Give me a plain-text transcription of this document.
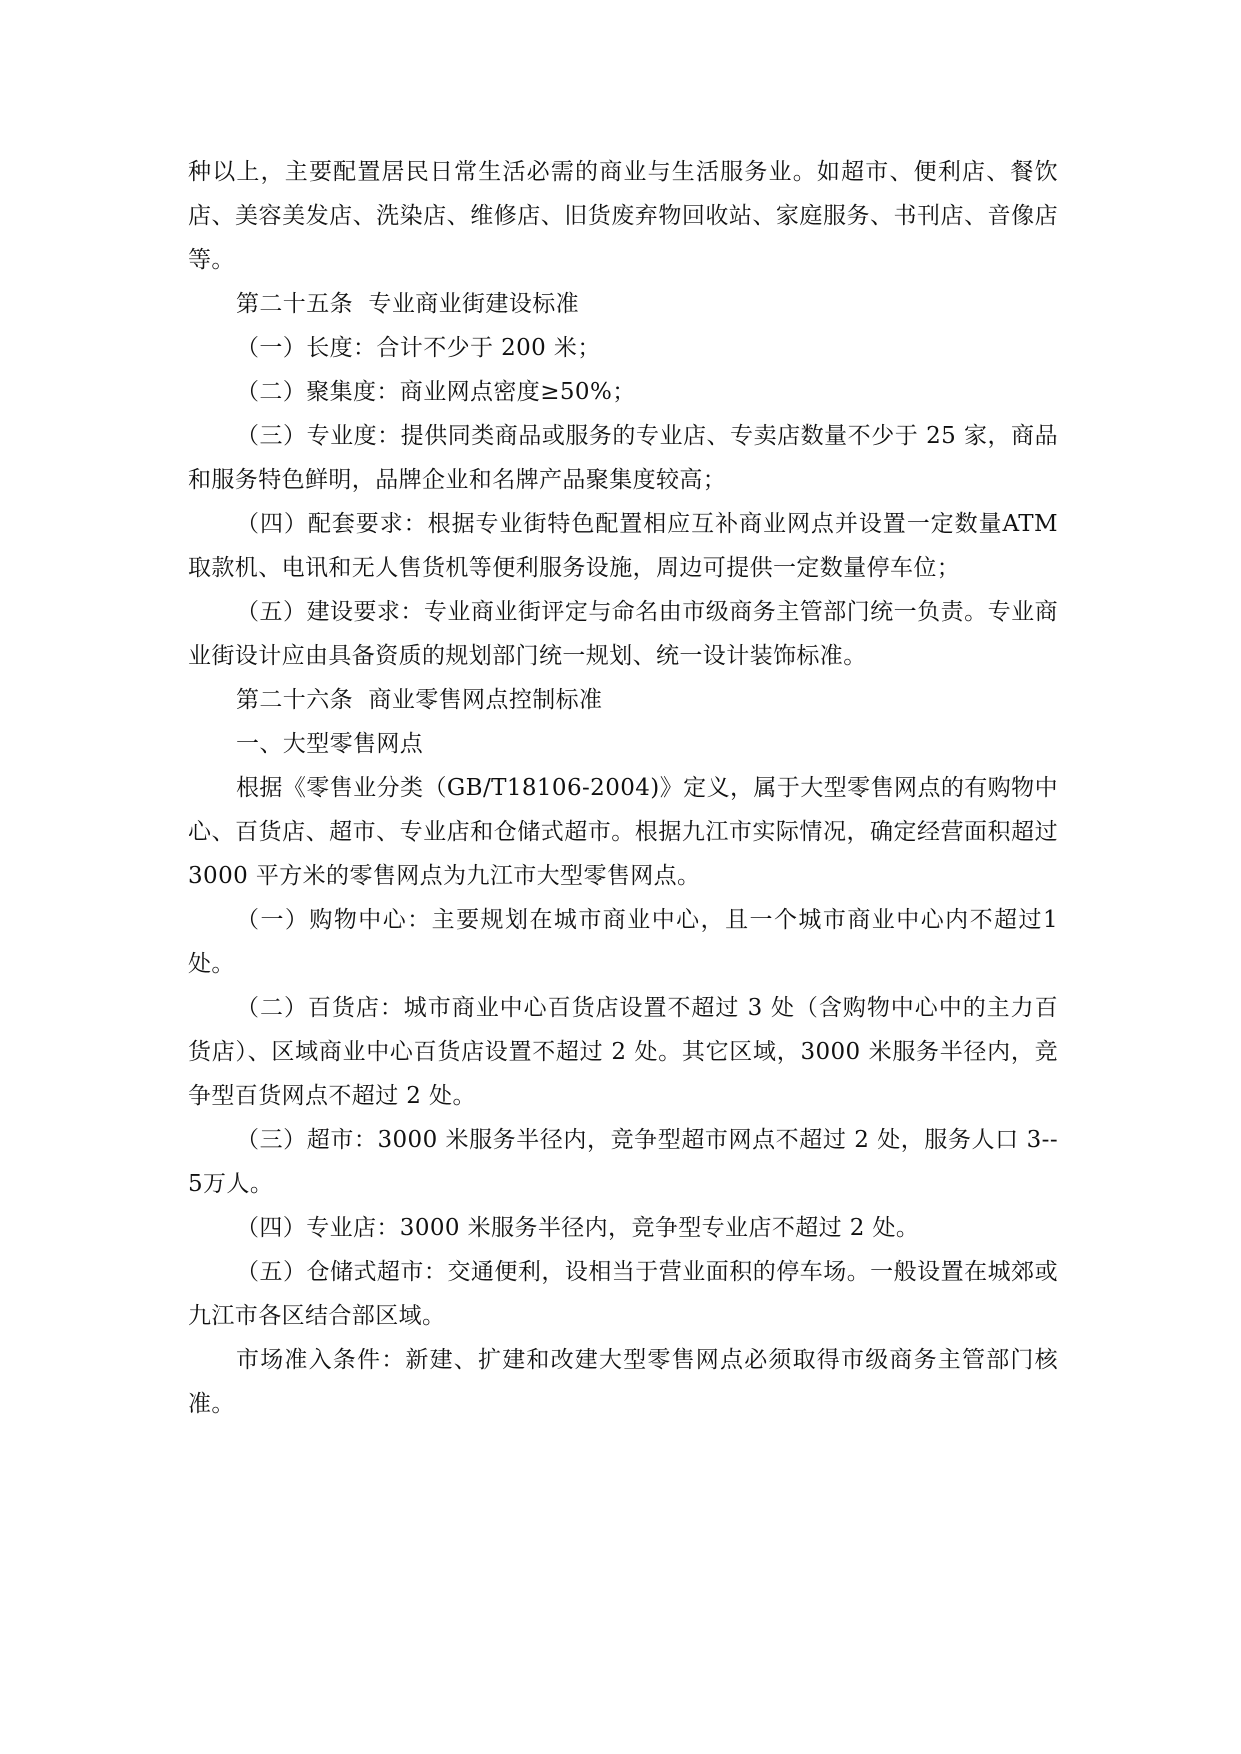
种以上，主要配置居民日常生活必需的商业与生活服务业。如超市、便利店、餐饮店、美容美发店、洗染店、维修店、旧货废弃物回收站、家庭服务、书刊店、音像店等。

第二十五条  专业商业街建设标准

（一）长度：合计不少于 200 米；

（二）聚集度：商业网点密度≥50%；

（三）专业度：提供同类商品或服务的专业店、专卖店数量不少于 25 家，商品和服务特色鲜明，品牌企业和名牌产品聚集度较高；

（四）配套要求：根据专业街特色配置相应互补商业网点并设置一定数量ATM 取款机、电讯和无人售货机等便利服务设施，周边可提供一定数量停车位；

（五）建设要求：专业商业街评定与命名由市级商务主管部门统一负责。专业商业街设计应由具备资质的规划部门统一规划、统一设计装饰标准。

第二十六条  商业零售网点控制标准

一、大型零售网点

根据《零售业分类（GB/T18106-2004)》定义，属于大型零售网点的有购物中心、百货店、超市、专业店和仓储式超市。根据九江市实际情况，确定经营面积超过 3000 平方米的零售网点为九江市大型零售网点。

（一）购物中心：主要规划在城市商业中心，且一个城市商业中心内不超过1 处。

（二）百货店：城市商业中心百货店设置不超过 3 处（含购物中心中的主力百货店）、区域商业中心百货店设置不超过 2 处。其它区域，3000 米服务半径内，竞争型百货网点不超过 2 处。

（三）超市：3000 米服务半径内，竞争型超市网点不超过 2 处，服务人口 3--5万人。

（四）专业店：3000 米服务半径内，竞争型专业店不超过 2 处。

（五）仓储式超市：交通便利，设相当于营业面积的停车场。一般设置在城郊或九江市各区结合部区域。

市场准入条件：新建、扩建和改建大型零售网点必须取得市级商务主管部门核准。
